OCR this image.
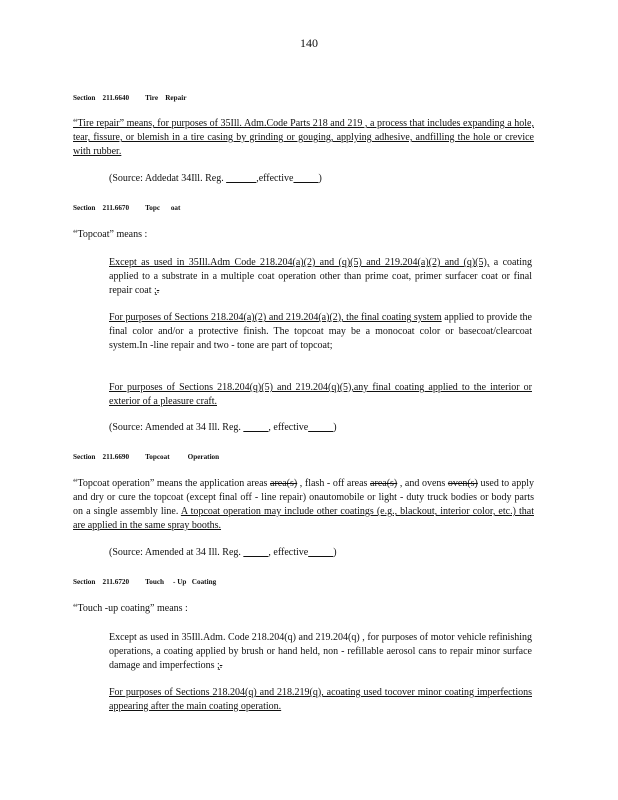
140
Section    211.6640         Tire    Repair

“Tire repair” means, for purposes of 35Ill. Adm.Code Parts 218 and 219 , a process that includes expanding a hole, tear, fissure, or blemish in a tire casing by grinding or gouging, applying adhesive, andfilling the hole or crevice with rubber.

(Source: Addedat 34Ill. Reg. ______,effective_____)

Section    211.6670         Topc      oat

“Topcoat” means :

Except as used in 35Ill.Adm Code 218.204(a)(2) and (q)(5) and 219.204(a)(2) and (q)(5), a coating applied to a substrate in a multiple coat operation other than prime coat, primer surfacer coat or final repair coat ;.

For purposes of Sections 218.204(a)(2) and 219.204(a)(2), the final coating system applied to provide the final color and/or a protective finish. The topcoat may be a monocoat color or basecoat/clearcoat system.In -line repair and two - tone are part of topcoat;

For purposes of Sections 218.204(q)(5) and 219.204(q)(5),any final coating applied to the interior or exterior of a pleasure craft.

(Source: Amended at 34 Ill. Reg. _____, effective_____)

Section    211.6690         Topcoat          Operation

“Topcoat operation” means the application areas area(s) , flash - off areas area(s) , and ovens oven(s) used to apply and dry or cure the topcoat (except final off - line repair) onautomobile or light - duty truck bodies or body parts on a single assembly line. A topcoat operation may include other coatings (e.g., blackout, interior color, etc.) that are applied in the same spray booths.

(Source: Amended at 34 Ill. Reg. _____, effective_____)

Section    211.6720         Touch     - Up   Coating

“Touch -up coating” means :

Except as used in 35Ill.Adm. Code 218.204(q) and 219.204(q) , for purposes of motor vehicle refinishing operations, a coating applied by brush or hand held, non - refillable aerosol cans to repair minor surface damage and imperfections ;.

For purposes of Sections 218.204(q) and 218.219(q), acoating used tocover minor coating imperfections appearing after the main coating operation.
